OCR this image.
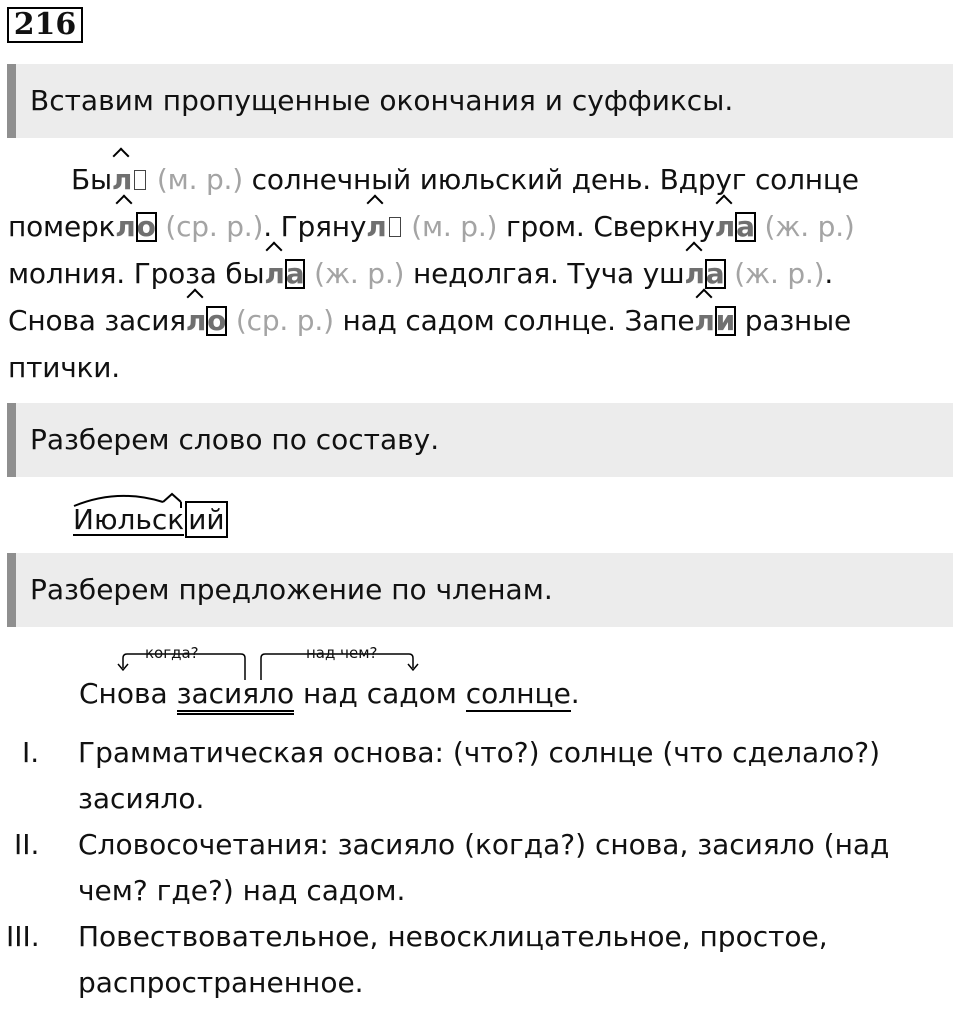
216
Вставим пропущенные окончания и суффиксы.
Был (м. р.) солнечный июльский день. Вдруг солнце
померкло (ср. р.). Грянул (м. р.) гром. Сверкнула (ж. р.)
молния. Гроза была (ж. р.) недолгая. Туча ушла (ж. р.).
Снова засияло (ср. р.) над садом солнце. Запели разные птички.
Разберем слово по составу.
Июльск ий
Разберем предложение по членам.
когда?	над чем?
Снова засияло над садом солнце.
I. Грамматическая основа: (что?) солнце (что сделало?) засияло.
II. Словосочетания: засияло (когда?) снова, засияло (над чем? где?) над садом.
III. Повествовательное, невосклицательное, простое, распространенное.
